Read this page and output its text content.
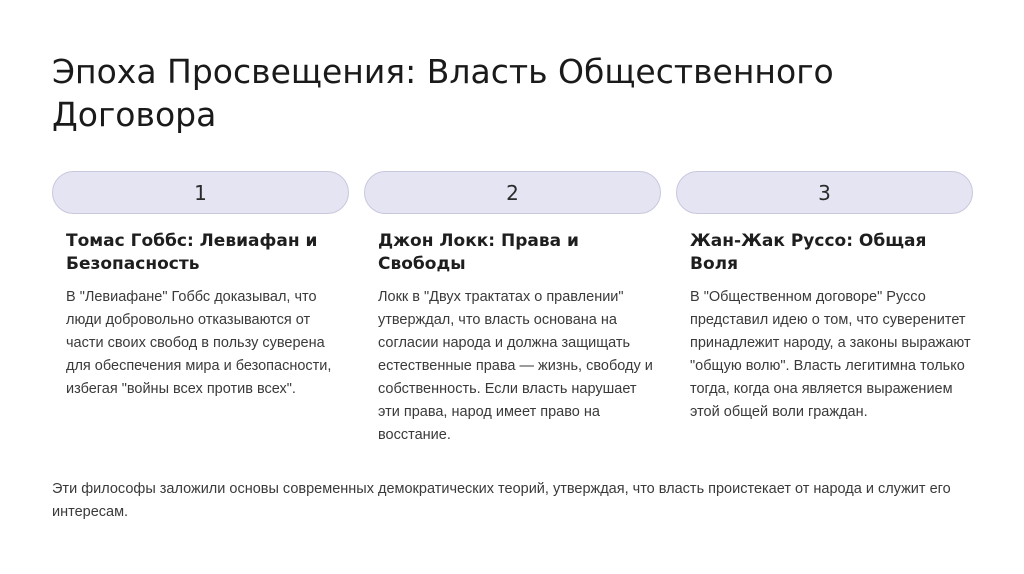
Эпоха Просвещения: Власть Общественного Договора
1	2	3
Томас Гоббс: Левиафан и Безопасность

В "Левиафане" Гоббс доказывал, что люди добровольно отказываются от части своих свобод в пользу суверена для обеспечения мира и безопасности, избегая "войны всех против всех".

Джон Локк: Права и Свободы

Локк в "Двух трактатах о правлении" утверждал, что власть основана на согласии народа и должна защищать естественные права — жизнь, свободу и собственность. Если власть нарушает эти права, народ имеет право на восстание.

Жан-Жак Руссо: Общая Воля

В "Общественном договоре" Руссо представил идею о том, что суверенитет принадлежит народу, а законы выражают "общую волю". Власть легитимна только тогда, когда она является выражением этой общей воли граждан.

Эти философы заложили основы современных демократических теорий, утверждая, что власть проистекает от народа и служит его интересам.
